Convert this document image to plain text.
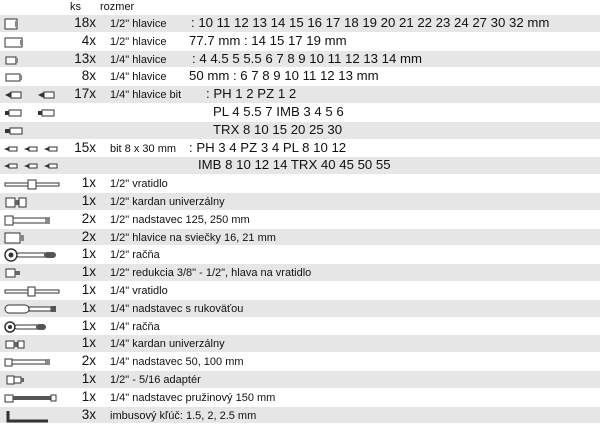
ks rozmer
18x 1/2" hlavice : 10 11 12 13 14 15 16 17 18 19 20 21 22 23 24 27 30 32 mm
4x 1/2" hlavice 77.7 mm : 14 15 17 19 mm
13x 1/4" hlavice : 4 4.5 5 5.5 6 7 8 9 10 11 12 13 14 mm
8x 1/4" hlavice 50 mm : 6 7 8 9 10 11 12 13 mm
17x 1/4" hlavice bit : PH 1 2 PZ 1 2
PL 4 5.5 7 IMB 3 4 5 6
TRX 8 10 15 20 25 30
15x bit 8 x 30 mm : PH 3 4 PZ 3 4 PL 8 10 12
IMB 8 10 12 14 TRX 40 45 50 55
1x 1/2" vratidlo
1x 1/2" kardan univerzálny
2x 1/2" nadstavec 125, 250 mm
2x 1/2" hlavice na sviečky 16, 21 mm
1x 1/2" račňa
1x 1/2" redukcia 3/8" - 1/2", hlava na vratidlo
1x 1/4" vratidlo
1x 1/4" nadstavec s rukoväťou
1x 1/4" račňa
1x 1/4" kardan univerzálny
2x 1/4" nadstavec 50, 100 mm
1x 1/2" - 5/16 adaptér
1x 1/4" nadstavec pružinový 150 mm
3x imbusový kľúč: 1.5, 2, 2.5 mm
